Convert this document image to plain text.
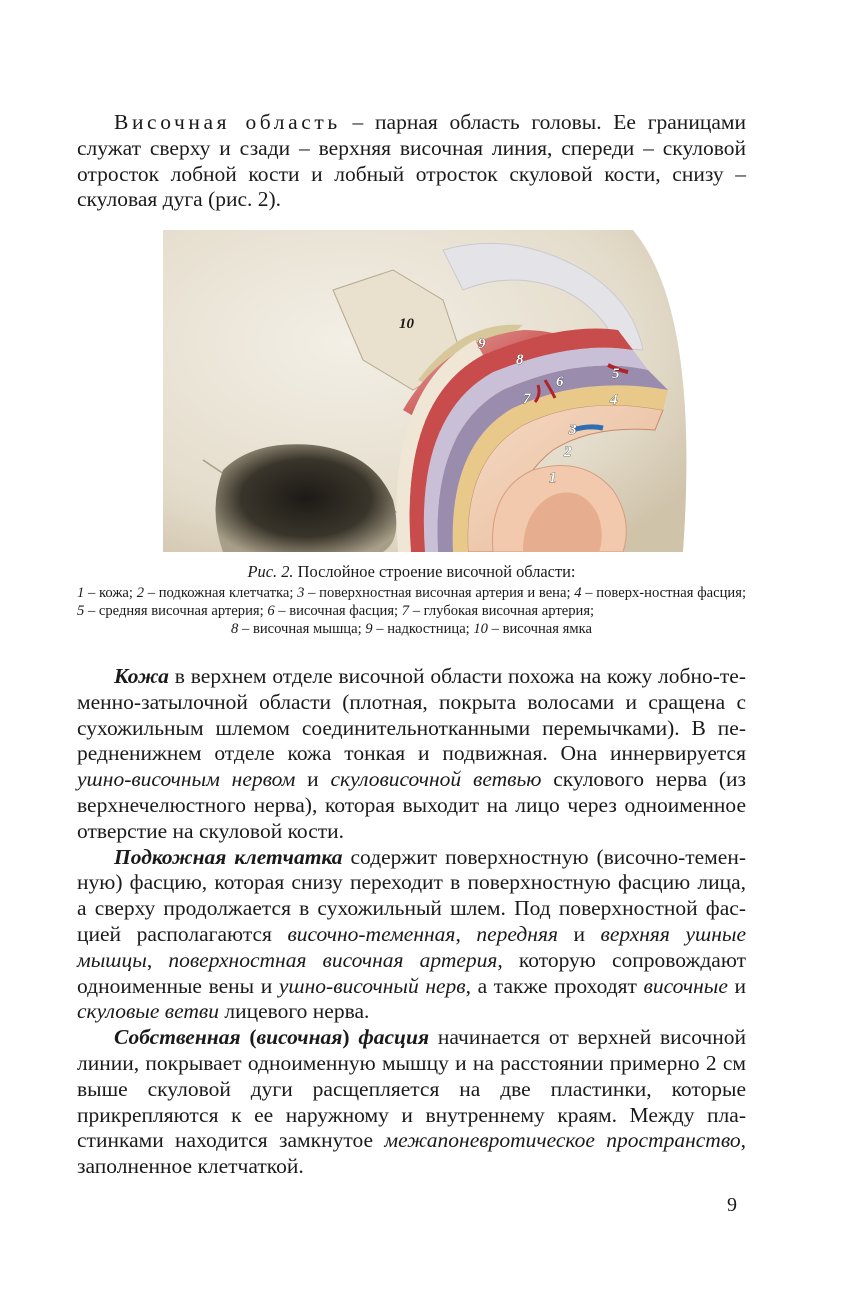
Височная область – парная область головы. Ее границами служат сверху и сзади – верхняя височная линия, спереди – скуловой отросток лобной кости и лобный отросток скуловой кости, снизу – скуловая дуга (рис. 2).

10
9
8
6
7
5
4
3
2
1

Рис. 2. Послойное строение височной области:

1 – кожа; 2 – подкожная клетчатка; 3 – поверхностная височная артерия и вена; 4 – поверх-ностная фасция; 5 – средняя височная артерия; 6 – височная фасция; 7 – глубокая височная артерия;
8 – височная мышца; 9 – надкостница; 10 – височная ямка

Кожа в верхнем отделе височной области похожа на кожу лобно-те-менно-затылочной области (плотная, покрыта волосами и сращена с сухожильным шлемом соединительнотканными перемычками). В пе-редненижнем отделе кожа тонкая и подвижная. Она иннервируется ушно-височным нервом и скуловисочной ветвью скулового нерва (из верхнечелюстного нерва), которая выходит на лицо через одноименное отверстие на скуловой кости.

Подкожная клетчатка содержит поверхностную (височно-темен-ную) фасцию, которая снизу переходит в поверхностную фасцию лица, а сверху продолжается в сухожильный шлем. Под поверхностной фас-цией располагаются височно-теменная, передняя и верхняя ушные мышцы, поверхностная височная артерия, которую сопровождают одноименные вены и ушно-височный нерв, а также проходят височные и скуловые ветви лицевого нерва.

Собственная (височная) фасция начинается от верхней височной линии, покрывает одноименную мышцу и на расстоянии примерно 2 см выше скуловой дуги расщепляется на две пластинки, которые прикрепляются к ее наружному и внутреннему краям. Между пла-стинками находится замкнутое межапоневротическое пространство, заполненное клетчаткой.

9
